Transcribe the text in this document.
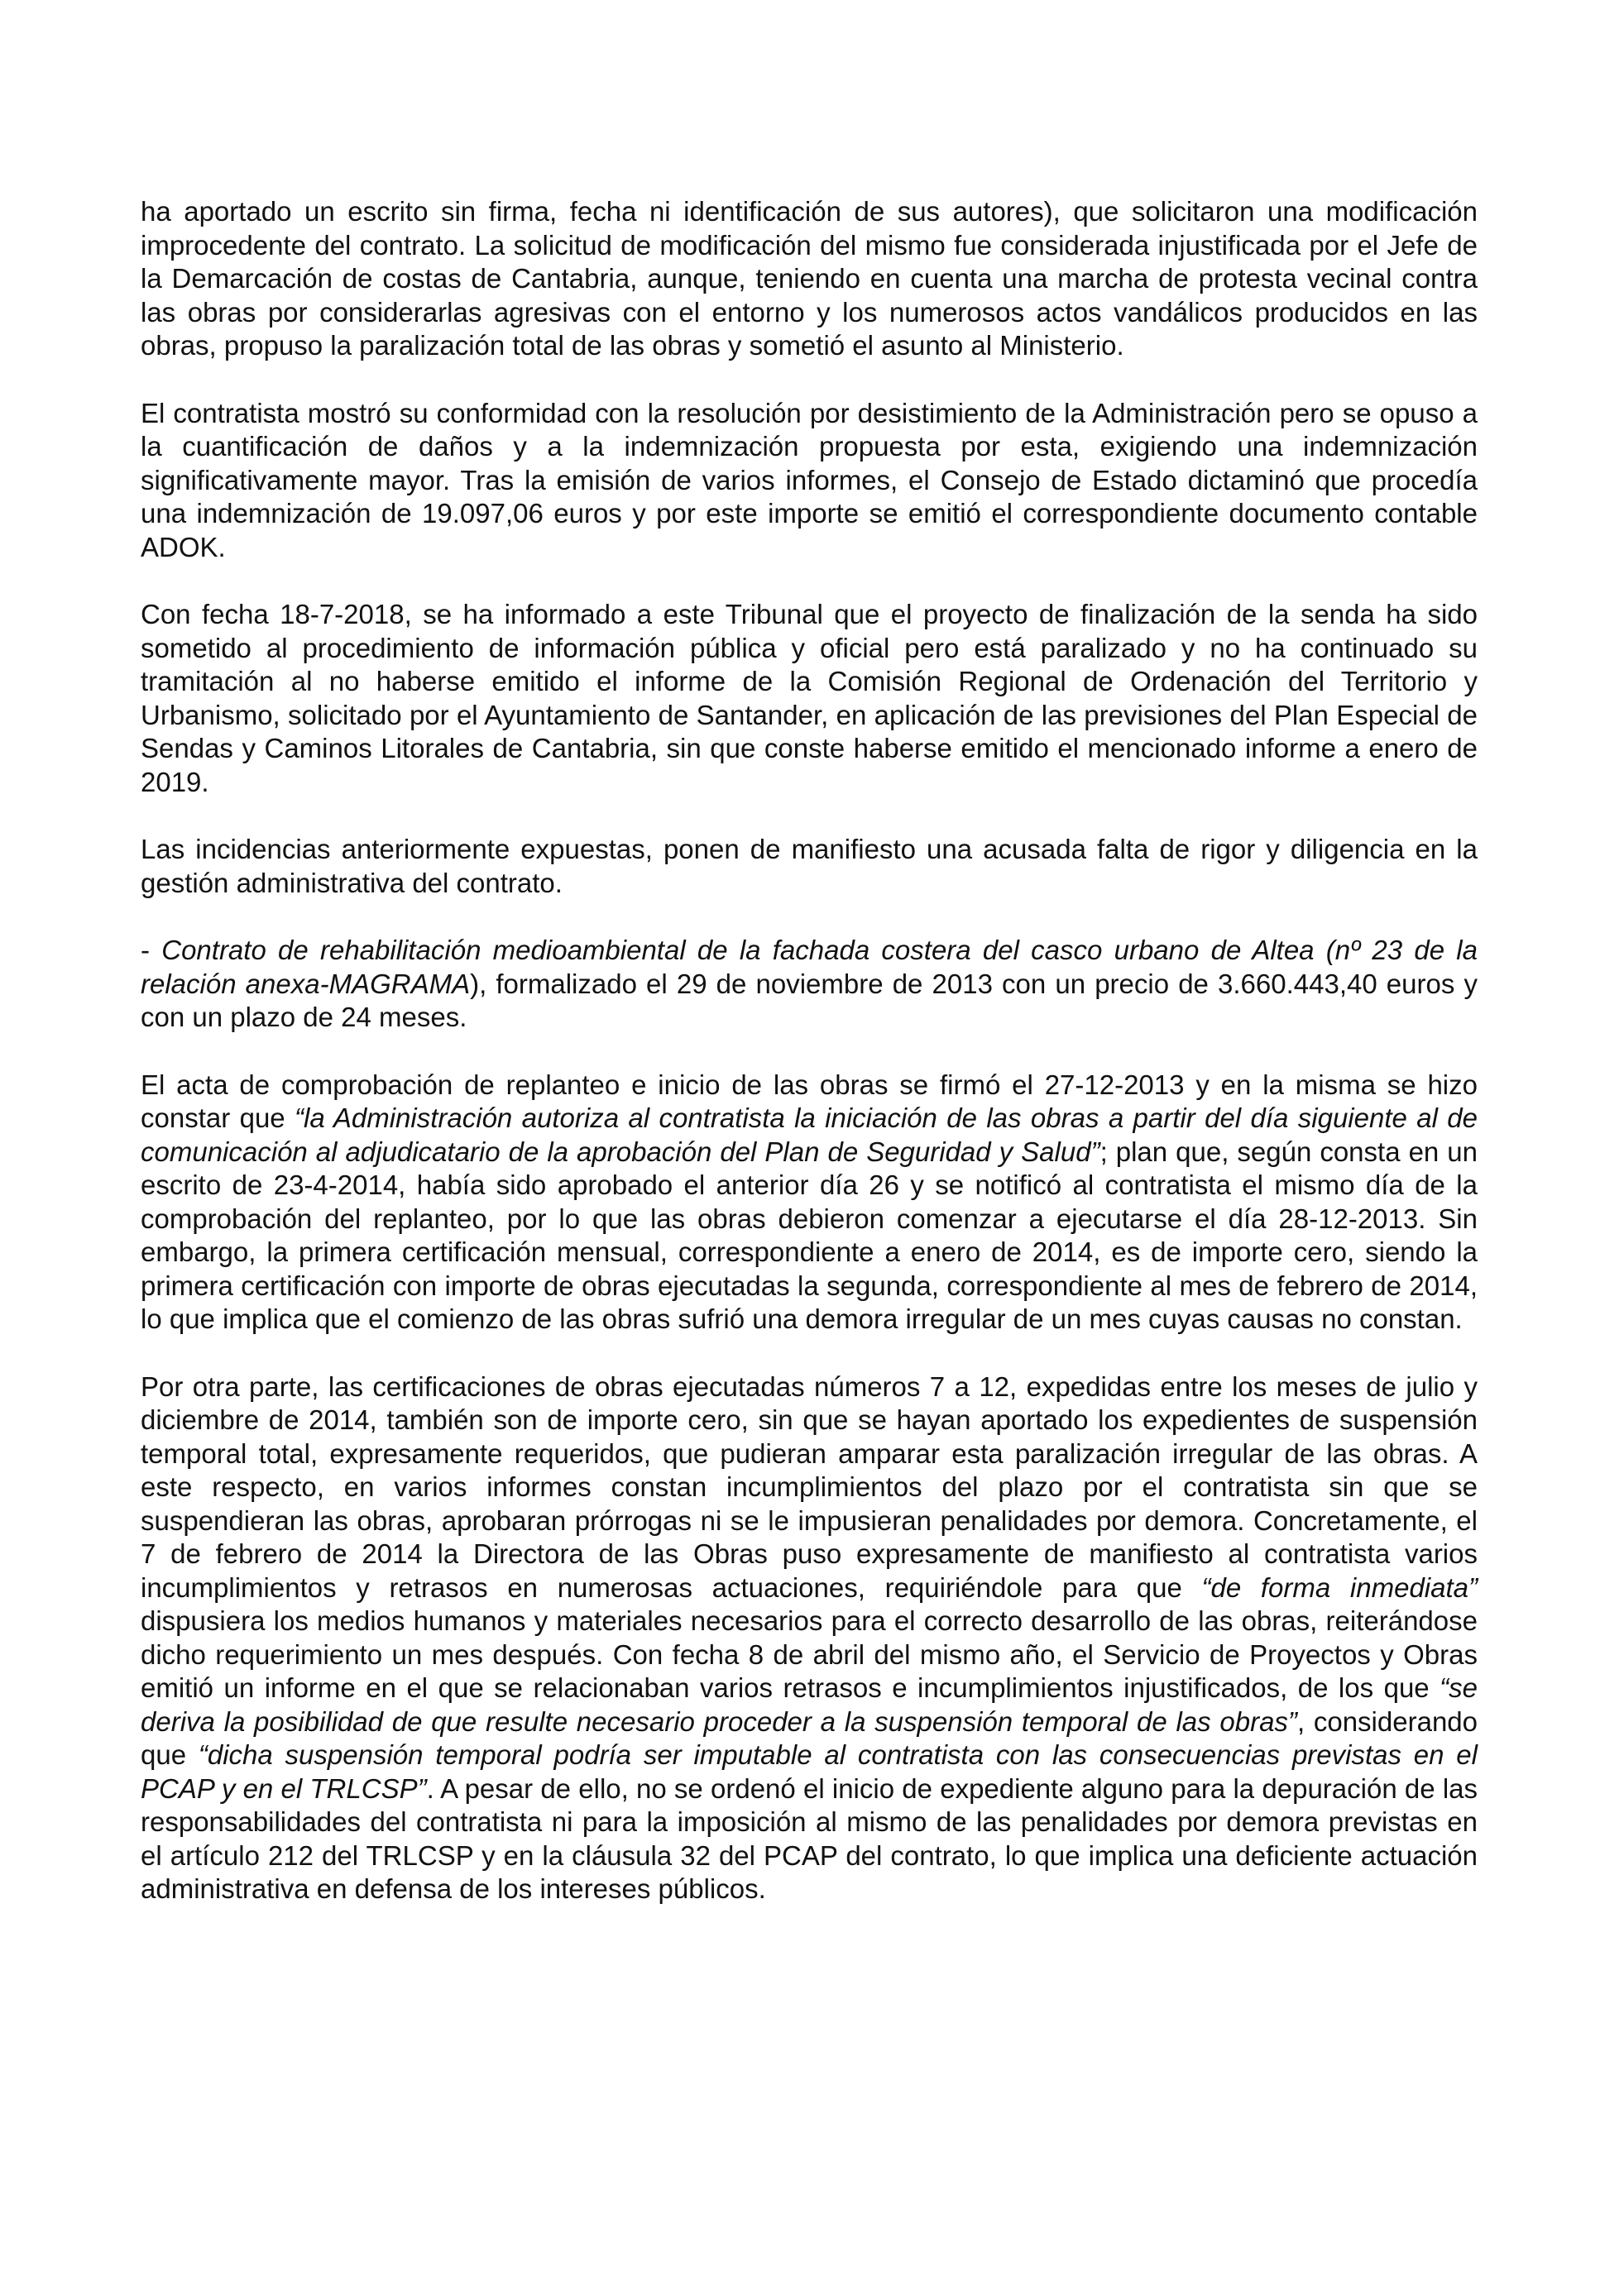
ha aportado un escrito sin firma, fecha ni identificación de sus autores), que solicitaron una modificación improcedente del contrato. La solicitud de modificación del mismo fue considerada injustificada por el Jefe de la Demarcación de costas de Cantabria, aunque, teniendo en cuenta una marcha de protesta vecinal contra las obras por considerarlas agresivas con el entorno y los numerosos actos vandálicos producidos en las obras, propuso la paralización total de las obras y sometió el asunto al Ministerio.

El contratista mostró su conformidad con la resolución por desistimiento de la Administración pero se opuso a la cuantificación de daños y a la indemnización propuesta por esta, exigiendo una indemnización significativamente mayor. Tras la emisión de varios informes, el Consejo de Estado dictaminó que procedía una indemnización de 19.097,06 euros y por este importe se emitió el correspondiente documento contable ADOK.

Con fecha 18-7-2018, se ha informado a este Tribunal que el proyecto de finalización de la senda ha sido sometido al procedimiento de información pública y oficial pero está paralizado y no ha continuado su tramitación al no haberse emitido el informe de la Comisión Regional de Ordenación del Territorio y Urbanismo, solicitado por el Ayuntamiento de Santander, en aplicación de las previsiones del Plan Especial de Sendas y Caminos Litorales de Cantabria, sin que conste haberse emitido el mencionado informe a enero de 2019.

Las incidencias anteriormente expuestas, ponen de manifiesto una acusada falta de rigor y diligencia en la gestión administrativa del contrato.

- Contrato de rehabilitación medioambiental de la fachada costera del casco urbano de Altea (nº 23 de la relación anexa-MAGRAMA), formalizado el 29 de noviembre de 2013 con un precio de 3.660.443,40 euros y con un plazo de 24 meses.

El acta de comprobación de replanteo e inicio de las obras se firmó el 27-12-2013 y en la misma se hizo constar que “la Administración autoriza al contratista la iniciación de las obras a partir del día siguiente al de comunicación al adjudicatario de la aprobación del Plan de Seguridad y Salud”; plan que, según consta en un escrito de 23-4-2014, había sido aprobado el anterior día 26 y se notificó al contratista el mismo día de la comprobación del replanteo, por lo que las obras debieron comenzar a ejecutarse el día 28-12-2013. Sin embargo, la primera certificación mensual, correspondiente a enero de 2014, es de importe cero, siendo la primera certificación con importe de obras ejecutadas la segunda, correspondiente al mes de febrero de 2014, lo que implica que el comienzo de las obras sufrió una demora irregular de un mes cuyas causas no constan.

Por otra parte, las certificaciones de obras ejecutadas números 7 a 12, expedidas entre los meses de julio y diciembre de 2014, también son de importe cero, sin que se hayan aportado los expedientes de suspensión temporal total, expresamente requeridos, que pudieran amparar esta paralización irregular de las obras. A este respecto, en varios informes constan incumplimientos del plazo por el contratista sin que se suspendieran las obras, aprobaran prórrogas ni se le impusieran penalidades por demora. Concretamente, el 7 de febrero de 2014 la Directora de las Obras puso expresamente de manifiesto al contratista varios incumplimientos y retrasos en numerosas actuaciones, requiriéndole para que “de forma inmediata” dispusiera los medios humanos y materiales necesarios para el correcto desarrollo de las obras, reiterándose dicho requerimiento un mes después. Con fecha 8 de abril del mismo año, el Servicio de Proyectos y Obras emitió un informe en el que se relacionaban varios retrasos e incumplimientos injustificados, de los que “se deriva la posibilidad de que resulte necesario proceder a la suspensión temporal de las obras”, considerando que “dicha suspensión temporal podría ser imputable al contratista con las consecuencias previstas en el PCAP y en el TRLCSP”. A pesar de ello, no se ordenó el inicio de expediente alguno para la depuración de las responsabilidades del contratista ni para la imposición al mismo de las penalidades por demora previstas en el artículo 212 del TRLCSP y en la cláusula 32 del PCAP del contrato, lo que implica una deficiente actuación administrativa en defensa de los intereses públicos.
